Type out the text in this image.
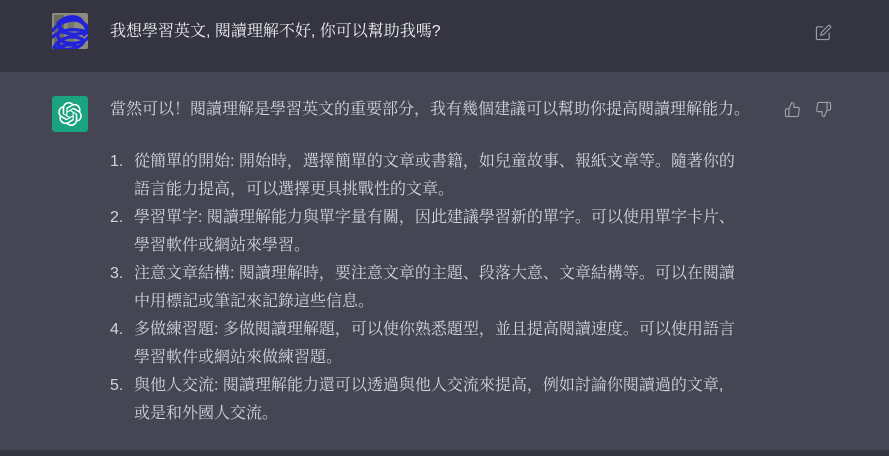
我想學習英文, 閱讀理解不好, 你可以幫助我嗎?

當然可以！閱讀理解是學習英文的重要部分，我有幾個建議可以幫助你提高閱讀理解能力。

1. 從簡單的開始: 開始時，選擇簡單的文章或書籍，如兒童故事、報紙文章等。隨著你的語言能力提高，可以選擇更具挑戰性的文章。
2. 學習單字: 閱讀理解能力與單字量有關，因此建議學習新的單字。可以使用單字卡片、學習軟件或網站來學習。
3. 注意文章結構: 閱讀理解時，要注意文章的主題、段落大意、文章結構等。可以在閱讀中用標記或筆記來記錄這些信息。
4. 多做練習題: 多做閱讀理解題，可以使你熟悉題型，並且提高閱讀速度。可以使用語言學習軟件或網站來做練習題。
5. 與他人交流: 閱讀理解能力還可以透過與他人交流來提高，例如討論你閱讀過的文章,或是和外國人交流。
